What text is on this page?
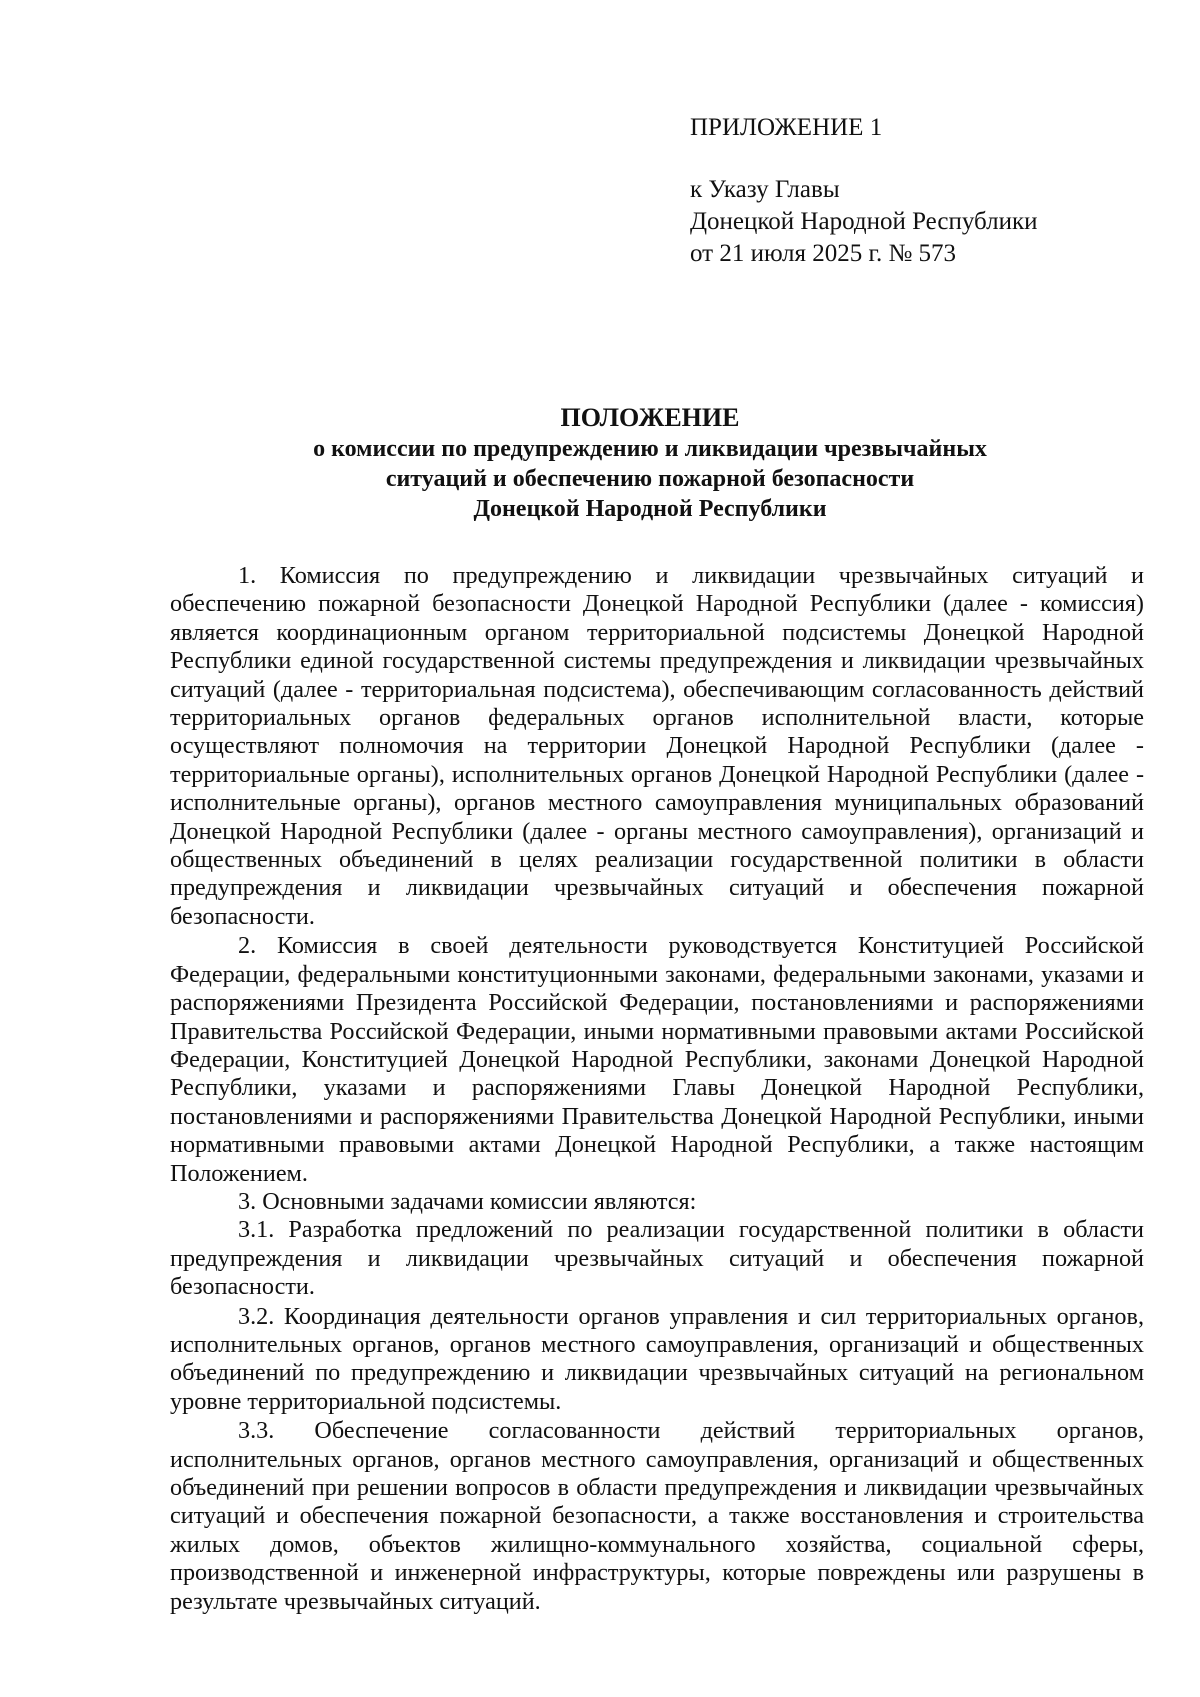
ПРИЛОЖЕНИЕ 1
к Указу Главы
Донецкой Народной Республики
от 21 июля 2025 г. № 573
ПОЛОЖЕНИЕ
о комиссии по предупреждению и ликвидации чрезвычайных
ситуаций и обеспечению пожарной безопасности
Донецкой Народной Республики

1. Комиссия по предупреждению и ликвидации чрезвычайных ситуаций и обеспечению пожарной безопасности Донецкой Народной Республики (далее - комиссия) является координационным органом территориальной подсистемы Донецкой Народной Республики единой государственной системы предупреждения и ликвидации чрезвычайных ситуаций (далее - территориальная подсистема), обеспечивающим согласованность действий территориальных органов федеральных органов исполнительной власти, которые осуществляют полномочия на территории Донецкой Народной Республики (далее - территориальные органы), исполнительных органов Донецкой Народной Республики (далее - исполнительные органы), органов местного самоуправления муниципальных образований Донецкой Народной Республики (далее - органы местного самоуправления), организаций и общественных объединений в целях реализации государственной политики в области предупреждения и ликвидации чрезвычайных ситуаций и обеспечения пожарной безопасности.

2. Комиссия в своей деятельности руководствуется Конституцией Российской Федерации, федеральными конституционными законами, федеральными законами, указами и распоряжениями Президента Российской Федерации, постановлениями и распоряжениями Правительства Российской Федерации, иными нормативными правовыми актами Российской Федерации, Конституцией Донецкой Народной Республики, законами Донецкой Народной Республики, указами и распоряжениями Главы Донецкой Народной Республики, постановлениями и распоряжениями Правительства Донецкой Народной Республики, иными нормативными правовыми актами Донецкой Народной Республики, а также настоящим Положением.

3. Основными задачами комиссии являются:

3.1. Разработка предложений по реализации государственной политики в области предупреждения и ликвидации чрезвычайных ситуаций и обеспечения пожарной безопасности.

3.2. Координация деятельности органов управления и сил территориальных органов, исполнительных органов, органов местного самоуправления, организаций и общественных объединений по предупреждению и ликвидации чрезвычайных ситуаций на региональном уровне территориальной подсистемы.

3.3. Обеспечение согласованности действий территориальных органов, исполнительных органов, органов местного самоуправления, организаций и общественных объединений при решении вопросов в области предупреждения и ликвидации чрезвычайных ситуаций и обеспечения пожарной безопасности, а также восстановления и строительства жилых домов, объектов жилищно-коммунального хозяйства, социальной сферы, производственной и инженерной инфраструктуры, которые повреждены или разрушены в результате чрезвычайных ситуаций.
